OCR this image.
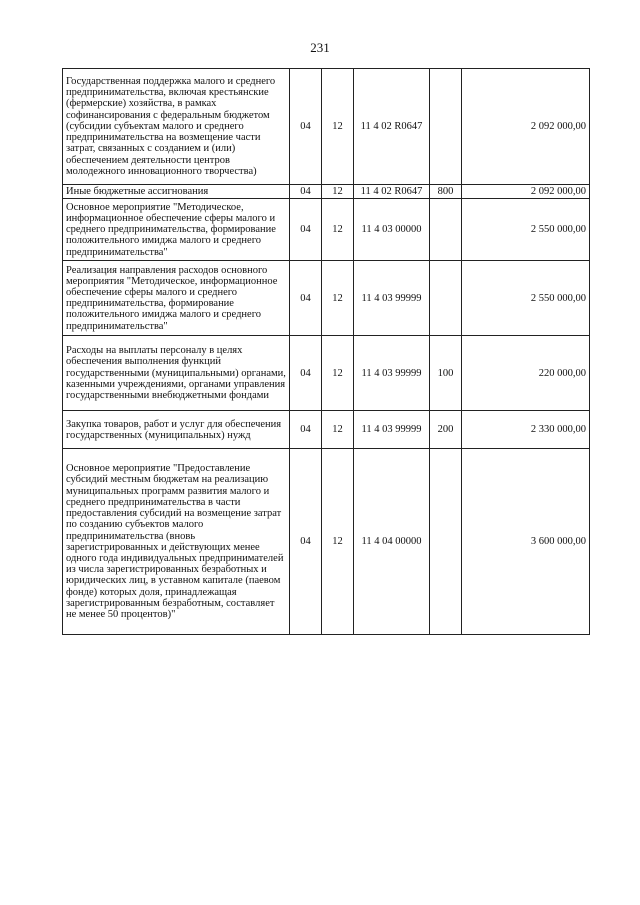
231
Государственная поддержка малого и среднего предпринимательства, включая крестьянские (фермерские) хозяйства, в рамках софинансирования с федеральным бюджетом (субсидии субъектам малого и среднего предпринимательства на возмещение части затрат, связанных с созданием и (или) обеспечением деятельности центров молодежного инновационного творчества)	04	12	11 4 02 R0647		2 092 000,00
Иные бюджетные ассигнования	04	12	11 4 02 R0647	800	2 092 000,00
Основное мероприятие "Методическое, информационное обеспечение сферы малого и среднего предпринимательства, формирование положительного имиджа малого и среднего предпринимательства"	04	12	11 4 03 00000		2 550 000,00
Реализация направления расходов основного мероприятия "Методическое, информационное обеспечение сферы малого и среднего предпринимательства, формирование положительного имиджа малого и среднего предпринимательства"	04	12	11 4 03 99999		2 550 000,00
Расходы на выплаты персоналу в целях обеспечения выполнения функций государственными (муниципальными) органами, казенными учреждениями, органами управления государственными внебюджетными фондами	04	12	11 4 03 99999	100	220 000,00
Закупка товаров, работ и услуг для обеспечения государственных (муниципальных) нужд	04	12	11 4 03 99999	200	2 330 000,00
Основное мероприятие "Предоставление субсидий местным бюджетам на реализацию муниципальных программ развития малого и среднего предпринимательства в части предоставления субсидий на возмещение затрат по созданию субъектов малого предпринимательства (вновь зарегистрированных и действующих менее одного года индивидуальных предпринимателей из числа зарегистрированных безработных и юридических лиц, в уставном капитале (паевом фонде) которых доля, принадлежащая зарегистрированным безработным, составляет не менее 50 процентов)"	04	12	11 4 04 00000		3 600 000,00
